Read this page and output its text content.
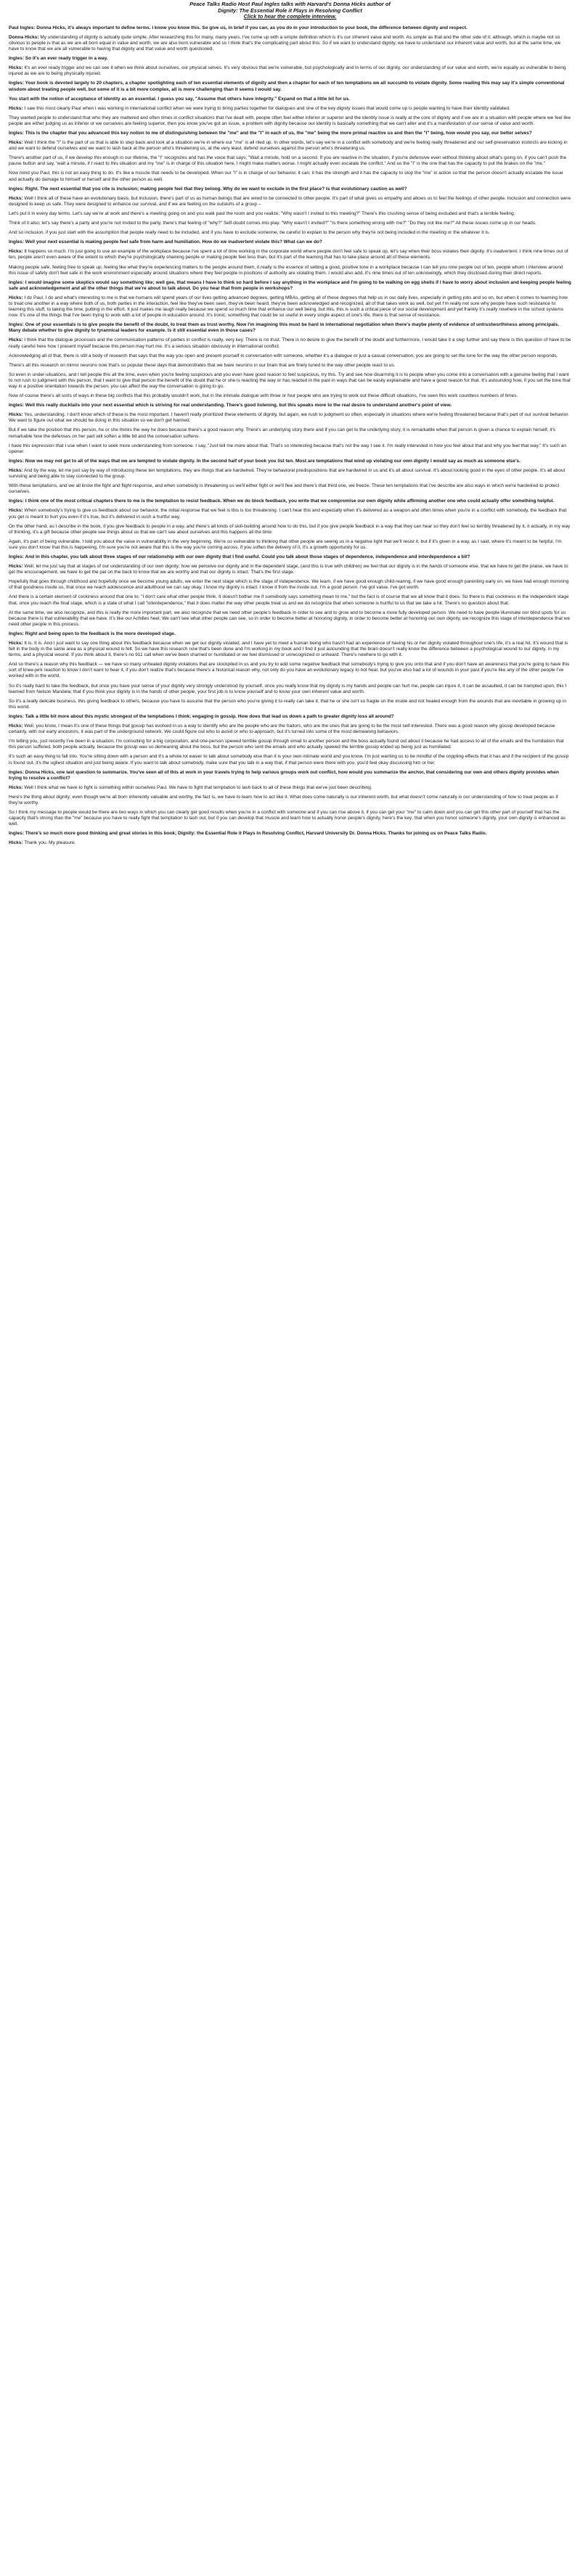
Peace Talks Radio Host Paul Ingles talks with Harvard's Donna Hicks author of
Dignity: The Essential Role it Plays in Resolving Conflict
Click to hear the complete interview.
Paul Ingles: Donna Hicks, it's always important to define terms. I know you know this. So give us, in brief if you can, as you do in your introduction to your book, the difference between dignity and respect.
Donna Hicks: My understanding of dignity is actually quite simple. After researching this for many, many years, I've come up with a simple definition which is it's our inherent value and worth. As simple as that and the other side of it, although, which is maybe not so obvious to people is that as we are all born equal in value and worth, we are also born vulnerable and so I think that's the complicating part about this. So if we want to understand dignity, we have to understand our inherent value and worth, but at the same time, we have to know that we are all vulnerable to having that dignity and that value and worth questioned.
Ingles: So it's an ever ready trigger in a way.
Hicks: It's an ever ready trigger and we can see it when we think about ourselves, our physical selves. It's very obvious that we're vulnerable, but psychologically and in terms of our dignity, our understanding of our value and worth, we're equally as vulnerable to being injured as we are to being physically injured.
Ingles: Your book is devoted largely to 20 chapters, a chapter spotlighting each of ten essential elements of dignity and then a chapter for each of ten temptations we all succumb to violate dignity. Some reading this may say it's simple conventional wisdom about treating people well, but some of it is a bit more complex, all is more challenging than it seems I would say.
You start with the notion of acceptance of identity as an essential. I guess you say, "Assume that others have integrity." Expand on that a little bit for us.
Hicks: I saw this most clearly Paul when I was working in international conflict when we were trying to bring parties together for dialogues and one of the key dignity issues that would come up is people wanting to have their identity validated.
They wanted people to understand that who they are mattered and often times in conflict situations that I've dealt with, people often feel either inferior or superior and the identity issue is really at the core of dignity and if we are in a situation with people where we feel like people are either judging us as inferior or we ourselves are feeling superior, then you know you've got an issue, a problem with dignity because our identity is basically something that we can't alter and it's a manifestation of our sense of value and worth.
Ingles: This is the chapter that you advanced this key notion to me of distinguishing between the "me" and the "I" in each of us, the "me" being the more primal reactive us and then the "I" being, how would you say, our better selves?
Hicks: Well I think the "I" is the part of us that is able to step back and look at a situation we're in where our "me" is all riled up. In other words, let's say we're in a conflict with somebody and we're feeling really threatened and our self-preservation instincts are kicking in and we want to defend ourselves and we want to lash back at the person who's threatening us, at the very least, defend ourselves against the person who's threatening us.
There's another part of us, if we develop this enough in our lifetime, the "I" recognizes and has the voice that says; "Wait a minute, hold on a second. If you are reactive in the situation, if you're defensive even without thinking about what's going on, if you can't push the pause button and say, 'wait a minute, if I react to this situation and my "me" is in charge of this situation here, I might make matters worse. I might actually even escalate the conflict." And so the "I" is the one that has the capacity to put the brakes on the "me."
Now mind you Paul, this is not an easy thing to do. It's like a muscle that needs to be developed. When our "I" is in charge of our behavior, it can; it has the strength and it has the capacity to stop the "me" in action so that the person doesn't actually escalate the issue and actually do damage to himself or herself and the other person as well.
Ingles: Right. The next essential that you cite is inclusion; making people feel that they belong. Why do we want to exclude in the first place? Is that evolutionary caution as well?
Hicks: Well I think all of these have an evolutionary basis, but inclusion, there's part of us as human beings that are wired to be connected to other people. It's part of what gives us empathy and allows us to feel the feelings of other people. Inclusion and connection were designed to keep us safe. They were designed to enhance our survival, and if we are feeling on the outskirts of a group –
Let's put it in every day terms. Let's say we're at work and there's a meeting going on and you walk past the room and you realize; "Why wasn't I invited to this meeting?" There's this crushing sense of being excluded and that's a terrible feeling.
Think of it also; let's say there's a party and you're not invited to the party, there's that feeling of "why?" Self-doubt comes into play. "Why wasn't I invited?" "Is there something wrong with me?" "Do they not like me?" All these issues come up in our heads.
And so inclusion, if you just start with the assumption that people really need to be included, and if you have to exclude someone, be careful to explain to the person why they're not being included in the meeting or the whatever it is.
Ingles: Well your next essential is making people feel safe from harm and humiliation. How do we inadvertent violate this? What can we do?
Hicks: It happens so much. I'm just going to use an example of the workplace because I've spent a lot of time working in the corporate world where people don't feel safe to speak up, let's say when their boss violates their dignity. It's inadvertent. I think nine times out of ten, people aren't even aware of the extent to which they're psychologically shaming people or making people feel less than, but it's part of the learning that has to take place around all of these elements.
Making people safe, feeling free to speak up, feeling like what they're experiencing matters to the people around them, it really is the essence of setting a good, positive tone in a workplace because I can tell you nine people out of ten, people whom I interview around this issue of safety don't feel safe in the work environment especially around situations where they feel people in positions of authority are violating them. I would also add, it's nine times out of ten unknowingly, which they disclosed during their direct reports.
Ingles: I would imagine some skeptics would say something like; well gee, that means I have to think so hard before I say anything in the workplace and I'm going to be walking on egg shells if I have to worry about inclusion and keeping people feeling safe and acknowledgement and all the other things that we're about to talk about. Do you hear that from people in workshops?
Hicks: I do Paul, I do and what's interesting to me is that we humans will spend years of our lives getting advanced degrees, getting MBAs, getting all of these degrees that help us in our daily lives, especially in getting jobs and so on, but when it comes to learning how to treat one another in a way where both of us, both parties in the interaction, feel like they've been seen, they've been heard, they've been acknowledged and recognized, all of that takes work as well, but yet I'm really not sure why people have such resistance to learning this stuff, to taking the time, putting in the effort. It just makes me laugh really because we spend so much time that enhance our well being, but this, this is such a critical piece of our social development and yet frankly it's really nowhere in the school systems now. It's one of the things that I've been trying to work with a lot of people in education around. It's ironic; something that could be so useful in every single aspect of one's life, there is that sense of resistance.
Ingles: One of your essentials is to give people the benefit of the doubt, to treat them as trust worthy. Now I'm imagining this must be hard in international negotiation when there's maybe plenty of evidence of untrustworthiness among principals. Many debate whether to give dignity to tyrannical leaders for example. Is it still essential even in those cases?
Hicks: I think that the dialogue processes and the communication patterns of parties in conflict is really, very key. There is no trust. There is no desire to give the benefit of the doubt and furthermore, I would take it a step further and say there is this question of have to be really careful here how I present myself because this person may hurt me. It's a serious situation obviously in international conflict.
Acknowledging all of that, there is still a body of research that says that the way you open and present yourself in conversation with someone, whether it's a dialogue or just a casual conversation, you are going to set the tone for the way the other person responds.
There's all this research on mirror neurons now that's so popular these days that demonstrates that we have neurons in our brain that are finely tuned to the way other people react to us.
So even in under-situations, and I tell people this all the time, even when you're feeling suspicious and you even have good reason to feel suspicious, try this. Try and see how disarming it is to people when you come into a conversation with a genuine feeling that I want to not rush to judgment with this person, that I want to give that person the benefit of the doubt that he or she is reacting the way or has reacted in the past in ways that can be easily explainable and have a good reason for that. It's astounding how, if you set the tone that way in a positive orientation towards the person, you can affect the way the conversation is going to go.
Now of course there's all sorts of ways in these big conflicts that this probably wouldn't work, but in the intimate dialogue with three or four people who are trying to work out these difficult situations, I've seen this work countless numbers of times.
Ingles: Well this really ducktails into your next essential which is striving for real understanding. There's good listening, but this speaks more to the real desire to understand another's point of view.
Hicks: Yes, understanding. I don't know which of these is the most important. I haven't really prioritized these elements of dignity, but again, we rush to judgment so often, especially in situations where we're feeling threatened because that's part of our survival behavior. We want to figure out what we should be doing in this situation so we don't get harmed.
But if we take the position that this person, he or she thinks the way he does because there's a good reason why. There's an underlying story there and if you can get to the underlying story, it is remarkable when that person is given a chance to explain herself, it's remarkable how the defenses on her part will soften a little bit and the conversation softens.
I have this expression that I use when I want to seek more understanding from someone. I say, "Just tell me more about that. That's so interesting because that's not the way I see it. I'm really interested in how you feel about that and why you feel that way." It's such an opener.
Ingles: Now we may not get to all of the ways that we are tempted to violate dignity. In the second half of your book you list ten. Most are temptations that wind up violating our own dignity I would say as much as someone else's.
Hicks: And by the way, let me just say by way of introducing these ten temptations, they are things that are hardwired. They're behavioral predispositions that are hardwired in us and it's all about survival. It's about looking good in the eyes of other people. It's all about surviving and being able to stay connected to the group.
With these temptations, and we all know the fight and flight response, and when somebody is threatening us we'll either fight or we'll flee and there's that third one, we freeze. These ten temptations that I've describe are also ways in which we're hardwired to protect ourselves.
Ingles: I think one of the most critical chapters there to me is the temptation to resist feedback. When we do block feedback, you write that we compromise our own dignity while affirming another one who could actually offer something helpful.
Hicks: When somebody's trying to give us feedback about our behavior, the initial response that we feel is this is too threatening. I can't hear this and especially when it's delivered as a weapon and often times when you're in a conflict with somebody, the feedback that you get is meant to hurt you even if it's true, but it's delivered in such a hurtful way.
On the other hand, as I describe in the book, if you give feedback to people in a way, and there's all kinds of skill-building around how to do this, but if you give people feedback in a way that they can hear so they don't feel so terribly threatened by it, it actually, in my way of thinking, it's a gift because other people see things about us that we can't see about ourselves and this happens all the time.
Again, it's part of being vulnerable. I told you about the value in vulnerability in the very beginning. We're so vulnerable to thinking that other people are seeing us in a negative light that we'll resist it, but if it's given in a way, as I said, where it's meant to be helpful, I'm sure you don't know that this is happening, I'm sure you're not aware that this is the way you're coming across, if you soften the delivery of it, it's a growth opportunity for us.
Ingles: And in this chapter, you talk about three stages of our relationship with our own dignity that I find useful. Could you talk about those stages of dependence, independence and interdependence a bit?
Hicks: Well, let me just say that at stages of our understanding of our own dignity; how we perceive our dignity and in the dependent stage, (and this is true with children) we feel that our dignity is in the hands of someone else, that we have to get the praise, we have to get the encouragement, we have to get the pat on the back to know that we are worthy and that our dignity is intact. That's the first stage.
Hopefully that goes through childhood and hopefully once we become young adults, we enter the next stage which is the stage of independence. We learn, if we have good enough child-rearing, if we have good enough parenting early on, we have had enough mirroring of that goodness inside us, that once we reach adolescence and adulthood we can say okay, I know my dignity is intact. I know it from the inside out. I'm a good person. I've got value. I've got worth.
And there is a certain element of cockiness around that one to; "I don't care what other people think. It doesn't bother me if somebody says something mean to me," but the fact is of course that we all know that it does. So there is that cockiness in the independent stage that, once you reach the final stage, which is a state of what I call "interdependence," that it does matter the way other people treat us and we do recognize that when someone is hurtful to us that we take a hit. There's no question about that.
At the same time, we also recognize, and this is really the more important part, we also recognize that we need other people's feedback in order to see and to grow and to become a more fully developed person. We need to have people illuminate our blind spots for us because there is that vulnerability that we have. It's like our Achilles heel. We can't see what other people can see, so in order to become better at honoring dignity, in order to become better at honoring our own dignity, we recognize this stage of interdependence that we need other people in this process.
Ingles: Right and being open to the feedback is the more developed stage.
Hicks: It is. It is. And I just want to say one thing about this feedback because when we get our dignity violated, and I have yet to meet a human being who hasn't had an experience of having his or her dignity violated throughout one's life, it's a real hit. It's wound that is felt in the body in the same area as a physical wound is felt. So we have this research now that's been done and I'm working in my book and I find it just astounding that the brain doesn't really know the difference between a psychological wound to our dignity, in my terms, and a physical wound. If you think about it, there's no 911 call when we've been shamed or humiliated or we feel dismissed or unrecognized or unheard. There's nowhere to go with it.
And so there's a reason why this feedback — we have so many unhealed dignity violations that are stockpiled in us and you try to add some negative feedback that somebody's trying to give you onto that and if you don't have an awareness that you're going to have this sort of knee-jerk reaction to know I don't want to hear it, if you don't realize that's because there's a historical reason why, not only do you have an evolutionary legacy to not hear, but you've also had a lot of wounds in your past if you're like any of the other people I've worked with in the world.
So it's really hard to take the feedback, but once you have your sense of your dignity very strongly understood by yourself, once you really know that my dignity is my hands and people can hurt me, people can injure it, it can be assaulted, it can be trampled upon, this I learned from Nelson Mandela; that if you think your dignity is in the hands of other people, your first job is to know yourself and to know your own inherent value and worth.
So it's a really delicate business, this giving feedback to others, because you have to assume that the person who you're giving it to really can take it, that he or she isn't so fragile on the inside and not healed enough from the wounds that are inevitable in growing up in this world.
Ingles: Talk a little bit more about this mystic strongest of the temptations I think; engaging in gossip. How does that lead us down a path to greater dignity loss all around?
Hicks: Well, you know, I mean it's one of these things that gossip has evolved in us a way to identify who are the people who are the traitors, who are the ones that are going to be the most self-interested. There was a good reason why gossip developed because certainly, with our early ancestors, it was part of the underground network. We could figure out who to avoid or who to approach, but it's turned into some of the most demeaning behaviors.
I'm telling you, just recently I've been in a situation, I'm consulting for a big corporation, and one-person spewed terrible gossip through email to another person and the boss actually found out about it because he had access to all of the emails and the humiliation that this person suffered, both people actually, because the gossip was so demeaning about the boss, but the person who sent the emails and who actually spewed the terrible gossip ended up being just as humiliated.
It's such an easy thing to fall into. You're sitting down with a person and it's a whole lot easier to talk about somebody else than it is your own intimate world and you know, I'm just wanting us to be mindful of the crippling effects that it has and if the recipient of the gossip is found out, it's the ugliest situation and just being aware. If you want to talk about somebody, make sure that you talk in a way that, if that person were there with you, you'd feel okay discussing him or her.
Ingles: Donna Hicks, one last question to summarize. You've seen all of this at work in your travels trying to help various groups work out conflict, how would you summarize the anchor, that considering our own and others dignity provides when trying to resolve a conflict?
Hicks: Well I think what we have to fight is something within ourselves Paul. We have to fight that temptation to lash back to all of these things that we've just been describing.
Here's the thing about dignity; even though we're all born inherently valuable and worthy, the fact is, we have to learn how to act like it. What does come naturally is our inherent worth, but what doesn't come naturally is our understanding of how to treat people as if they're worthy.
So I think my message to people would be there are two ways in which you can clearly get good results when you're in a conflict with someone and if you can rise above it, if you can get your "me" to calm down and you can get this other part of yourself that has the capacity that's strong than the "me" because you have to really fight that temptation to lash out, but if you can develop that muscle and learn how to actually honor people's dignity, here's the key; that when you honor someone's dignity, your own dignity is enhanced as well.
Ingles: There's so much more good thinking and great stories in this book; Dignity: the Essential Role it Plays in Resolving Conflict, Harvard University Dr. Donna Hicks. Thanks for joining us on Peace Talks Radio.
Hicks: Thank you. My pleasure.
